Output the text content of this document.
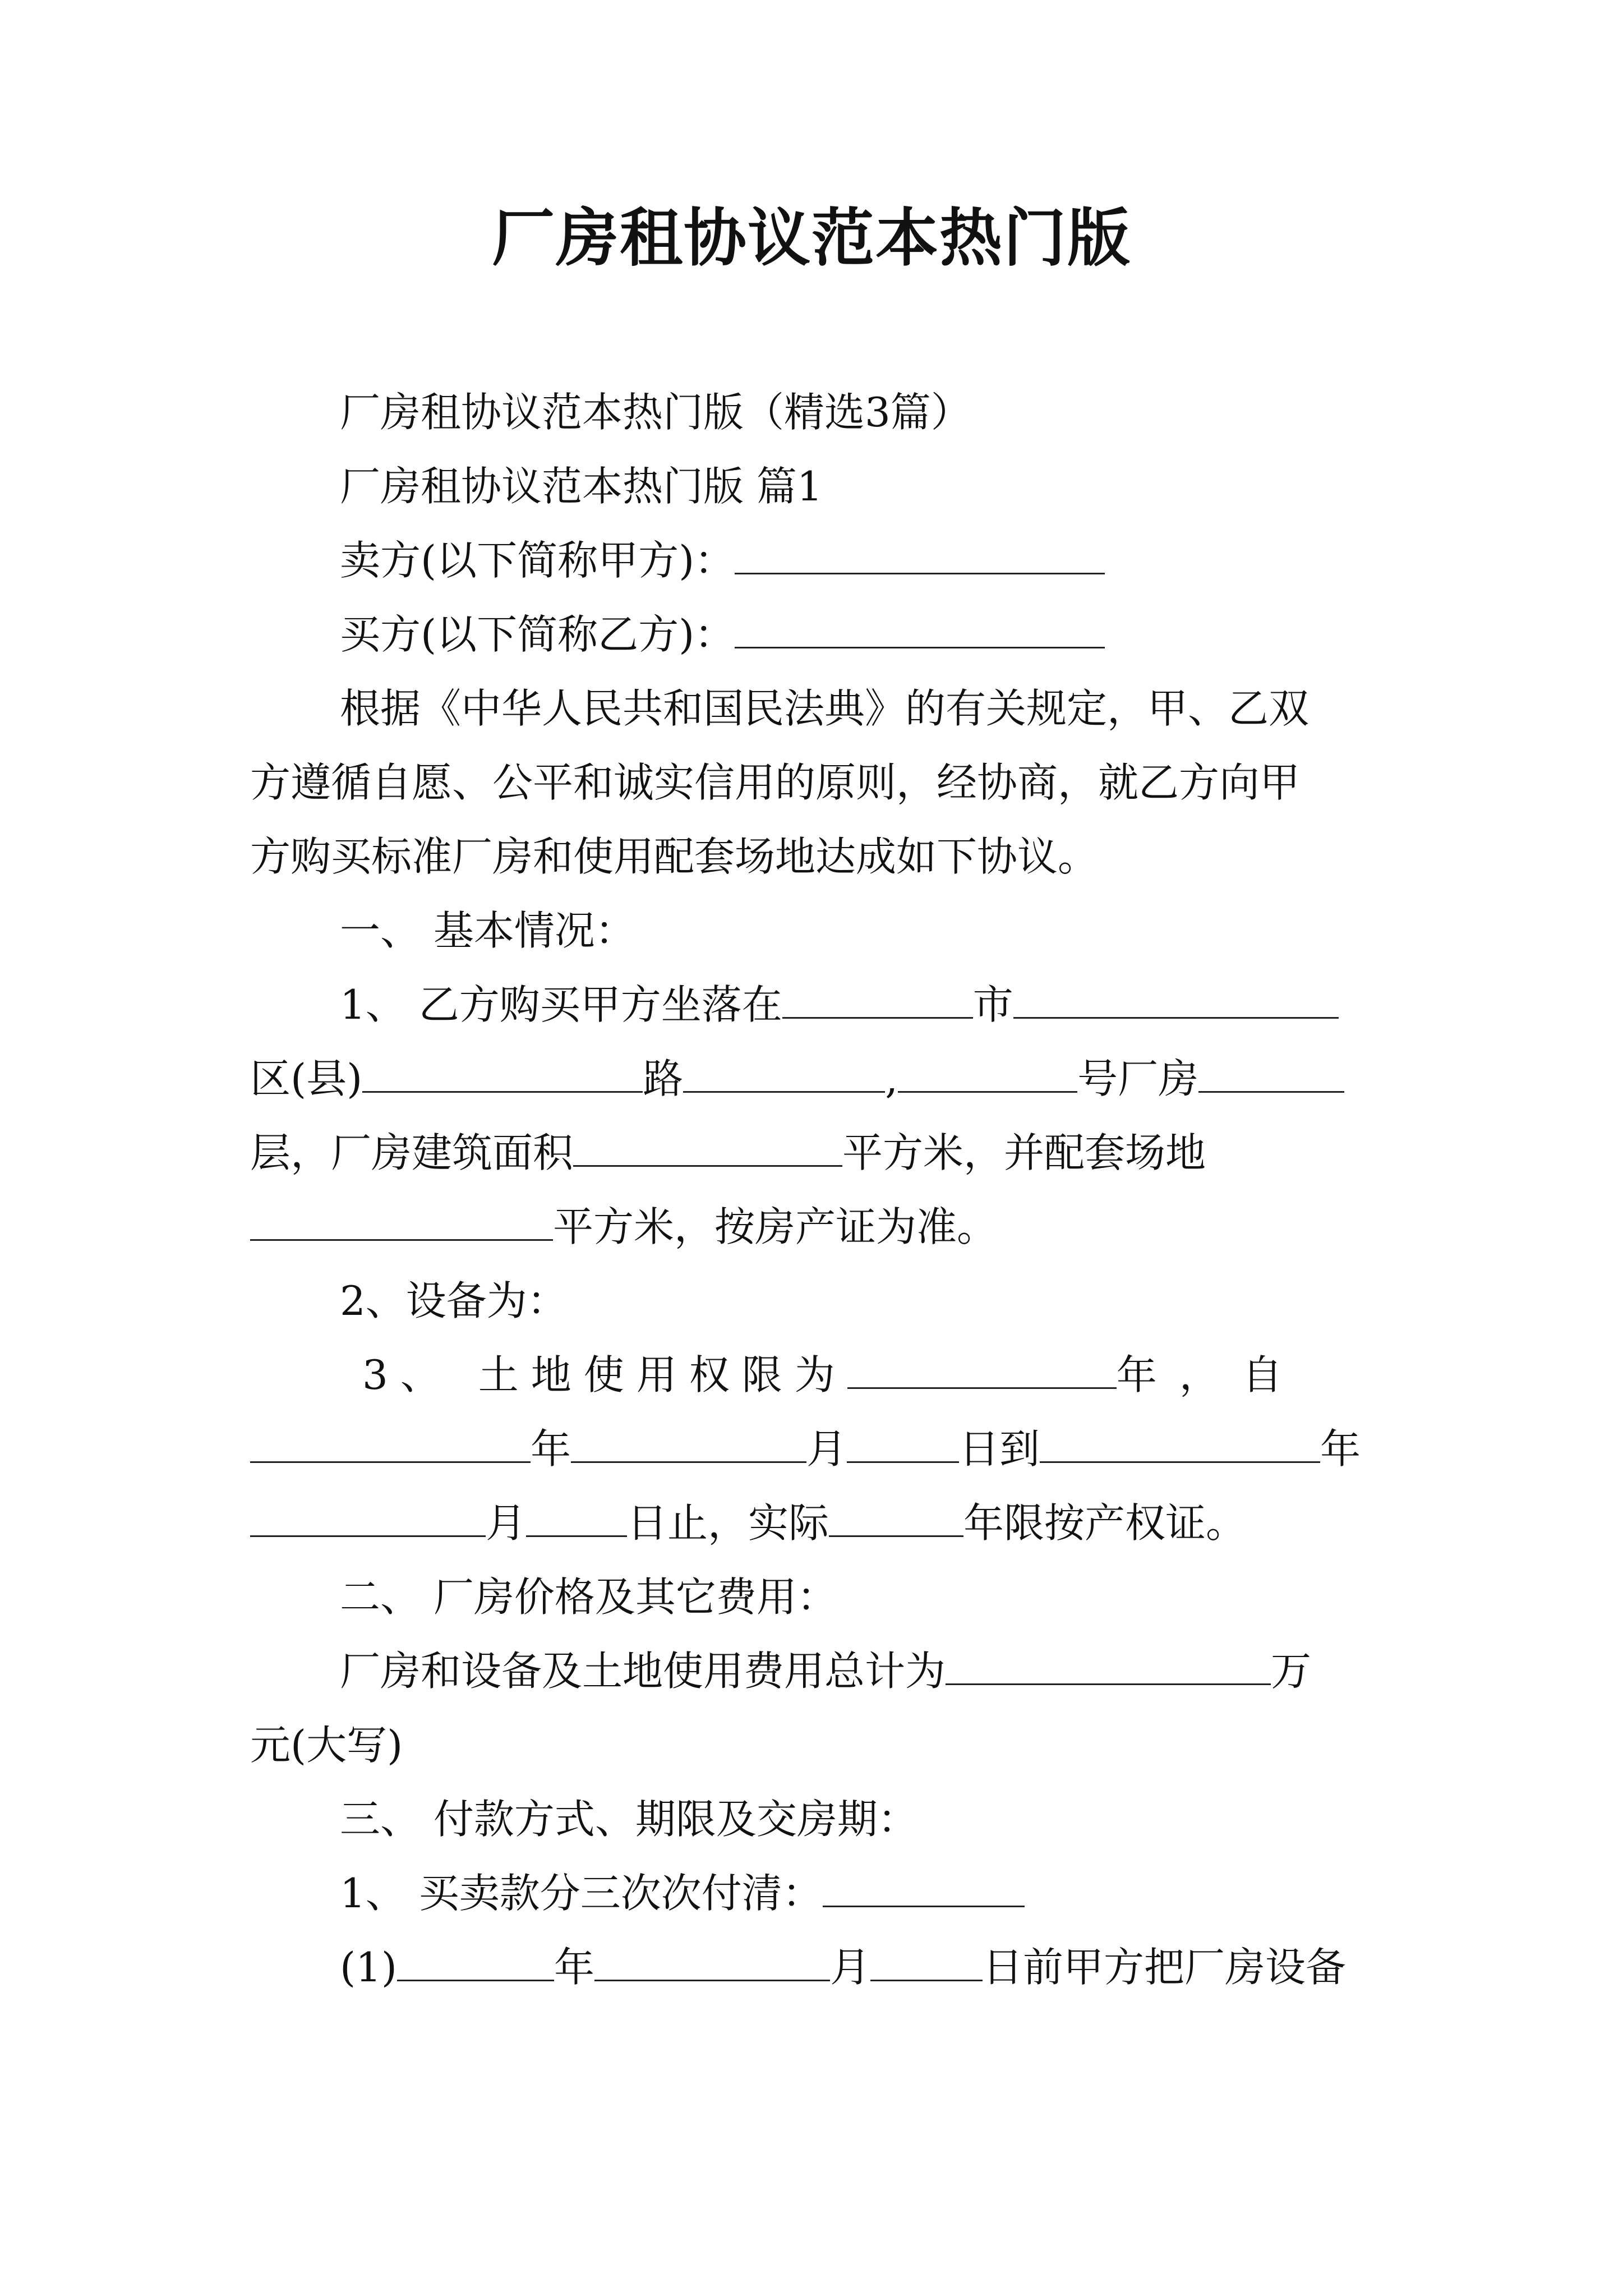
厂房租协议范本热门版
厂房租协议范本热门版（精选3篇）
厂房租协议范本热门版 篇1
卖方(以下简称甲方)：
买方(以下简称乙方)：
根据《中华人民共和国民法典》的有关规定，甲、乙双
方遵循自愿、公平和诚实信用的原则，经协商，就乙方向甲
方购买标准厂房和使用配套场地达成如下协议。
一、 基本情况：
1、 乙方购买甲方坐落在	市
区(县)	路	,	号厂房
层，厂房建筑面积	平方米，并配套场地
平方米，按房产证为准。
2、设备为：
3、 土地使用权限为	年，自
年	月	日到	年
月	日止，实际	年限按产权证。
二、 厂房价格及其它费用：
厂房和设备及土地使用费用总计为	万
元(大写)
三、 付款方式、期限及交房期：
1、 买卖款分三次次付清：
(1)	年	月	日前甲方把厂房设备
